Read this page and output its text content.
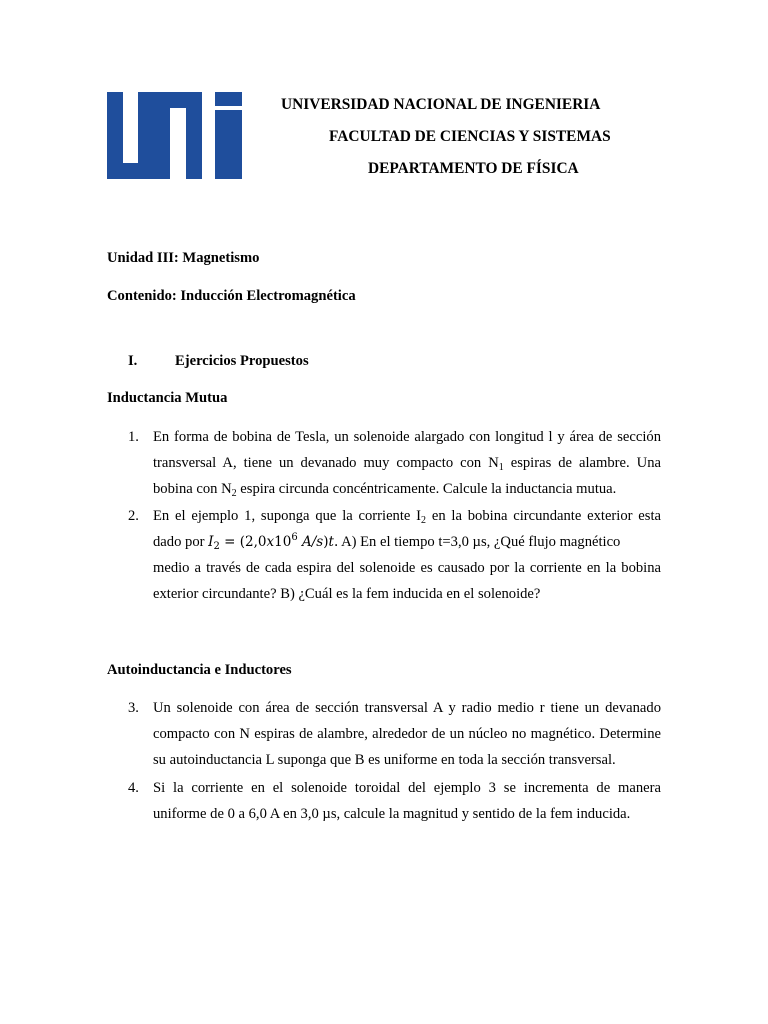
UNIVERSIDAD NACIONAL DE INGENIERIA
FACULTAD DE CIENCIAS Y SISTEMAS
DEPARTAMENTO DE FÍSICA
Unidad III: Magnetismo
Contenido: Inducción Electromagnética
I.	Ejercicios Propuestos
Inductancia Mutua
1. En forma de bobina de Tesla, un solenoide alargado con longitud l y área de sección
transversal A, tiene un devanado muy compacto con $N_1$ espiras de alambre. Una
bobina con $N_2$ espira circunda concéntricamente. Calcule la inductancia mutua.
2. En el ejemplo 1, suponga que la corriente $I_2$ en la bobina circundante exterior esta
dado por $I_2 = (2,0x10^6$ A/s)t. A) En el tiempo t=3,0 µs, ¿Qué flujo magnético
medio a través de cada espira del solenoide es causado por la corriente en la bobina
exterior circundante? B) ¿Cuál es la fem inducida en el solenoide?
Autoinductancia e Inductores
3. Un solenoide con área de sección transversal A y radio medio r tiene un devanado
compacto con N espiras de alambre, alrededor de un núcleo no magnético. Determine
su autoinductancia L suponga que B es uniforme en toda la sección transversal.
4. Si la corriente en el solenoide toroidal del ejemplo 3 se incrementa de manera
uniforme de 0 a 6,0 A en 3,0 µs, calcule la magnitud y sentido de la fem inducida.
